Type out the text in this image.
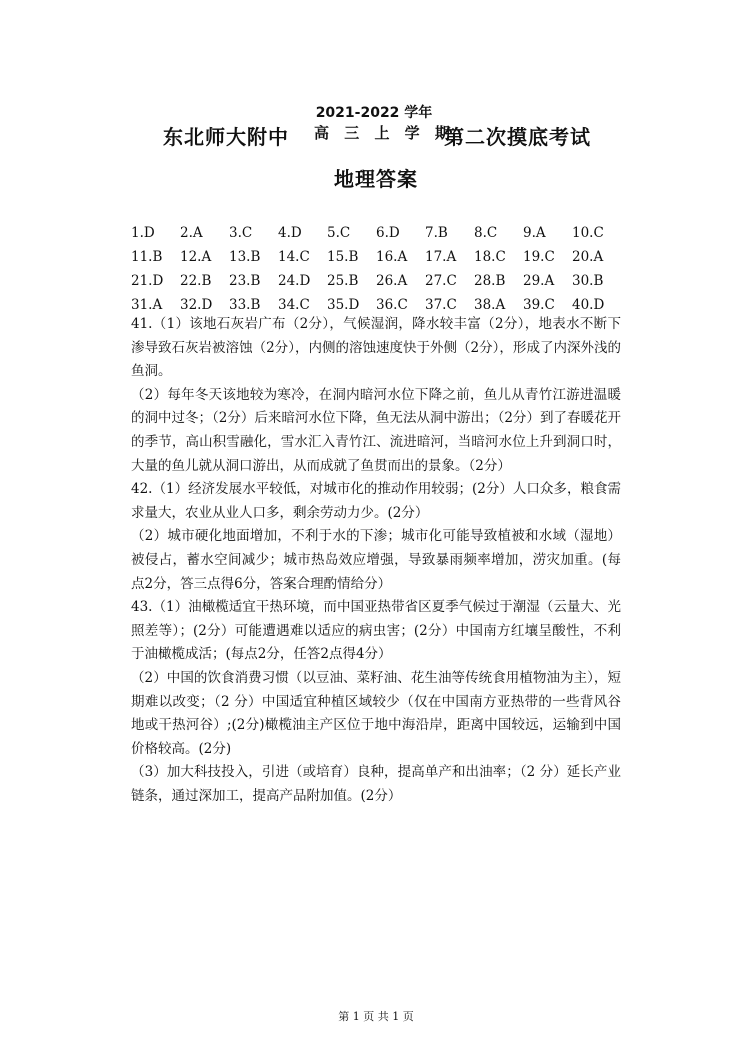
东北师大附中
2021-2022 学年
高 三 上 学 期
第二次摸底考试
地理答案
1.D	2.A	3.C	4.D	5.C	6.D	7.B	8.C	9.A	10.C
11.B	12.A	13.B	14.C	15.B	16.A	17.A	18.C	19.C	20.A
21.D	22.B	23.B	24.D	25.B	26.A	27.C	28.B	29.A	30.B
31.A	32.D	33.B	34.C	35.D	36.C	37.C	38.A	39.C	40.D

41.（1）该地石灰岩广布（2分），气候湿润，降水较丰富（2分），地表水不断下渗导致石灰岩被溶蚀（2分），内侧的溶蚀速度快于外侧（2分），形成了内深外浅的鱼洞。

（2）每年冬天该地较为寒冷，在洞内暗河水位下降之前，鱼儿从青竹江游进温暖的洞中过冬；（2分）后来暗河水位下降，鱼无法从洞中游出；（2分）到了春暖花开的季节，高山积雪融化，雪水汇入青竹江、流进暗河，当暗河水位上升到洞口时，大量的鱼儿就从洞口游出，从而成就了鱼贯而出的景象。（2分）

42.（1）经济发展水平较低，对城市化的推动作用较弱；(2分）人口众多，粮食需求量大，农业从业人口多，剩余劳动力少。(2分）

（2）城市硬化地面增加，不利于水的下渗；城市化可能导致植被和水域（湿地）被侵占，蓄水空间减少；城市热岛效应增强，导致暴雨频率增加，涝灾加重。(每点2分，答三点得6分，答案合理酌情给分）

43.（1）油橄榄适宜干热环境，而中国亚热带省区夏季气候过于潮湿（云量大、光照差等）；(2分）可能遭遇难以适应的病虫害；(2分）中国南方红壤呈酸性，不利于油橄榄成活；(每点2分，任答2点得4分）

（2）中国的饮食消费习惯（以豆油、菜籽油、花生油等传统食用植物油为主），短期难以改变；（2 分）中国适宜种植区域较少（仅在中国南方亚热带的一些背风谷地或干热河谷）;(2分)橄榄油主产区位于地中海沿岸，距离中国较远，运输到中国价格较高。(2分)

（3）加大科技投入，引进（或培育）良种，提高单产和出油率；（2 分）延长产业链条，通过深加工，提高产品附加值。(2分）

第 1 页 共 1 页
